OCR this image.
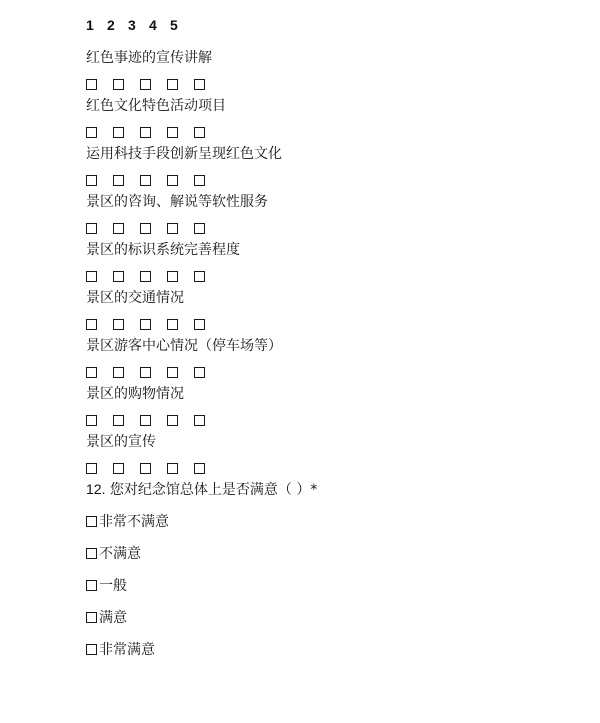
1 2 3 4 5
红色事迹的宣传讲解
红色文化特色活动项目
运用科技手段创新呈现红色文化
景区的咨询、解说等软性服务
景区的标识系统完善程度
景区的交通情况
景区游客中心情况（停车场等）
景区的购物情况
景区的宣传
12. 您对纪念馆总体上是否满意（ ）*
非常不满意
不满意
一般
满意
非常满意
